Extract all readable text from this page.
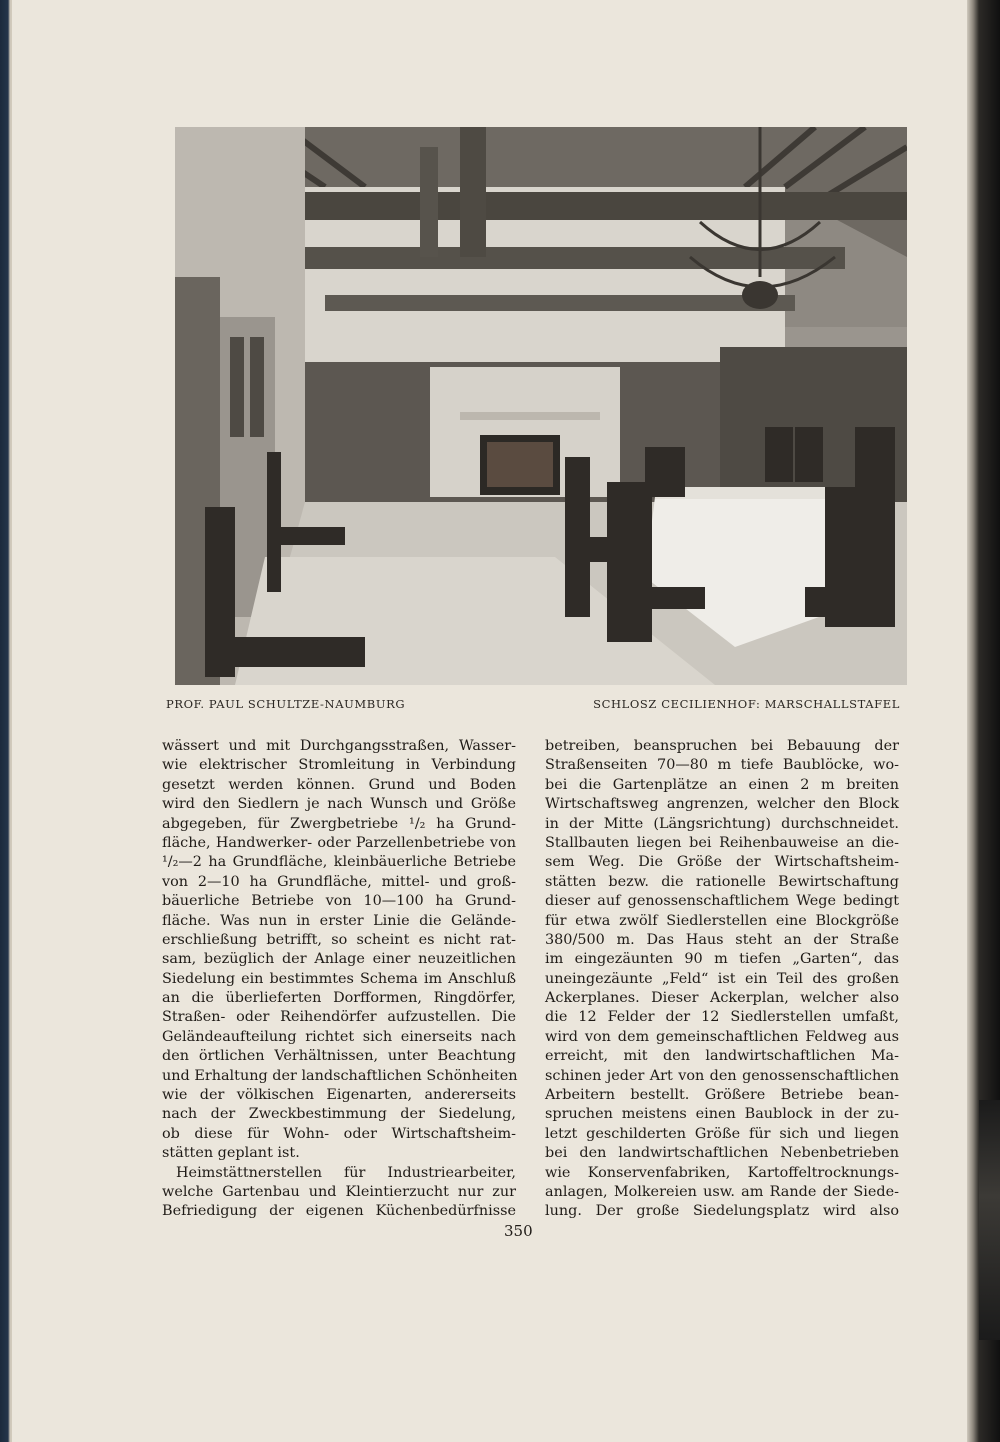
PROF. PAUL SCHULTZE-NAUMBURG	SCHLOSZ CECILIENHOF: MARSCHALLSTAFEL
wässert und mit Durchgangsstraßen, Wasser-
wie elektrischer Stromleitung in Verbindung
gesetzt werden können. Grund und Boden
wird den Siedlern je nach Wunsch und Größe
abgegeben, für Zwergbetriebe ¹/₂ ha Grund-
fläche, Handwerker- oder Parzellenbetriebe von
¹/₂—2 ha Grundfläche, kleinbäuerliche Betriebe
von 2—10 ha Grundfläche, mittel- und groß-
bäuerliche Betriebe von 10—100 ha Grund-
fläche. Was nun in erster Linie die Gelände-
erschließung betrifft, so scheint es nicht rat-
sam, bezüglich der Anlage einer neuzeitlichen
Siedelung ein bestimmtes Schema im Anschluß
an die überlieferten Dorfformen, Ringdörfer,
Straßen- oder Reihendörfer aufzustellen. Die
Geländeaufteilung richtet sich einerseits nach
den örtlichen Verhältnissen, unter Beachtung
und Erhaltung der landschaftlichen Schönheiten
wie der völkischen Eigenarten, andererseits
nach der Zweckbestimmung der Siedelung,
ob diese für Wohn- oder Wirtschaftsheim-
stätten geplant ist.
Heimstättnerstellen für Industriearbeiter,
welche Gartenbau und Kleintierzucht nur zur
Befriedigung der eigenen Küchenbedürfnisse
betreiben, beanspruchen bei Bebauung der
Straßenseiten 70—80 m tiefe Baublöcke, wo-
bei die Gartenplätze an einen 2 m breiten
Wirtschaftsweg angrenzen, welcher den Block
in der Mitte (Längsrichtung) durchschneidet.
Stallbauten liegen bei Reihenbauweise an die-
sem Weg. Die Größe der Wirtschaftsheim-
stätten bezw. die rationelle Bewirtschaftung
dieser auf genossenschaftlichem Wege bedingt
für etwa zwölf Siedlerstellen eine Blockgröße
380/500 m. Das Haus steht an der Straße
im eingezäunten 90 m tiefen „Garten“, das
uneingezäunte „Feld“ ist ein Teil des großen
Ackerplanes. Dieser Ackerplan, welcher also
die 12 Felder der 12 Siedlerstellen umfaßt,
wird von dem gemeinschaftlichen Feldweg aus
erreicht, mit den landwirtschaftlichen Ma-
schinen jeder Art von den genossenschaftlichen
Arbeitern bestellt. Größere Betriebe bean-
spruchen meistens einen Baublock in der zu-
letzt geschilderten Größe für sich und liegen
bei den landwirtschaftlichen Nebenbetrieben
wie Konservenfabriken, Kartoffeltrocknungs-
anlagen, Molkereien usw. am Rande der Siede-
lung. Der große Siedelungsplatz wird also
350
